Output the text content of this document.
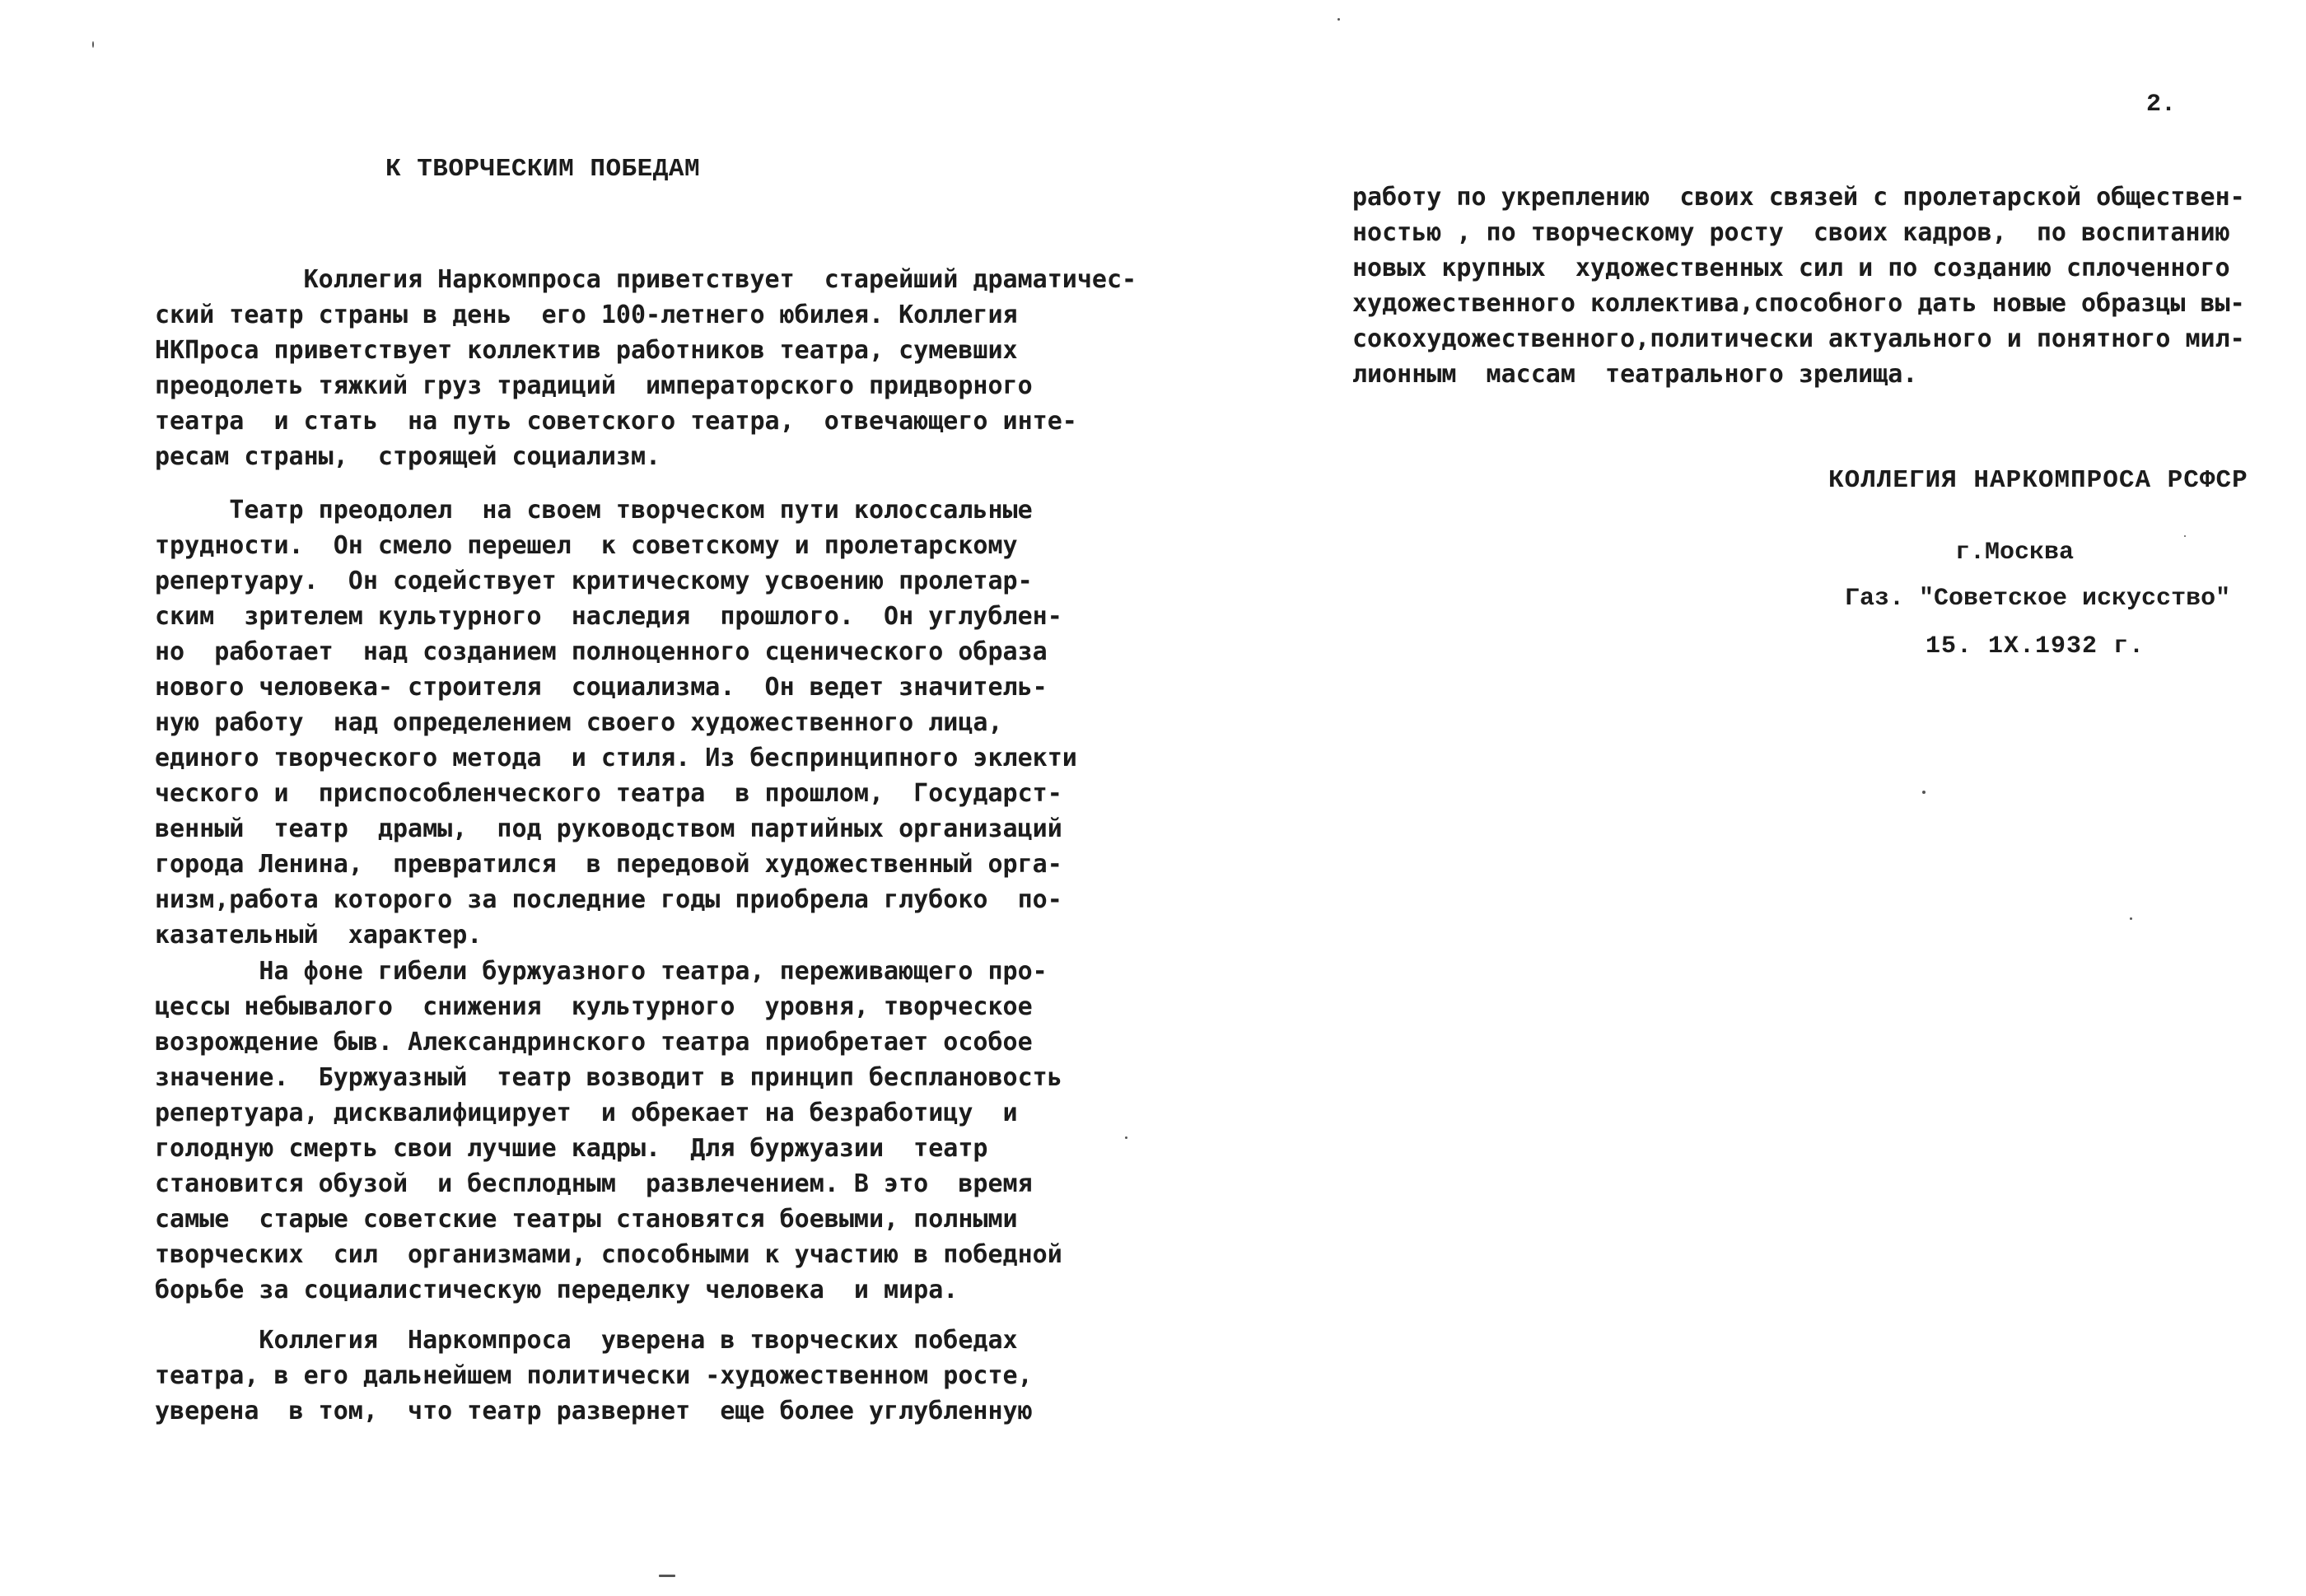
К ТВОРЧЕСКИМ ПОБЕДАМ
Коллегия Наркомпроса приветствует  старейший драматичес-
ский театр страны в день  его 100-летнего юбилея. Коллегия
НКПроса приветствует коллектив работников театра, сумевших
преодолеть тяжкий груз традиций  императорского придворного
театра  и стать  на путь советского театра,  отвечающего инте-
ресам страны,  строящей социализм.
Театр преодолел  на своем творческом пути колоссальные
трудности.  Он смело перешел  к советскому и пролетарскому
репертуару.  Он содействует критическому усвоению пролетар-
ским  зрителем культурного  наследия  прошлого.  Он углублен-
но  работает  над созданием полноценного сценического образа
нового человека- строителя  социализма.  Он ведет значитель-
ную работу  над определением своего художественного лица,
единого творческого метода  и стиля. Из беспринципного эклекти
ческого и  приспособленческого театра  в прошлом,  Государст-
венный  театр  драмы,  под руководством партийных организаций
города Ленина,  превратился  в передовой художественный орга-
низм,работа которого за последние годы приобрела глубоко  по-
казательный  характер.
На фоне гибели буржуазного театра, переживающего про-
цессы небывалого  снижения  культурного  уровня, творческое
возрождение быв. Александринского театра приобретает особое
значение.  Буржуазный  театр возводит в принцип бесплановость
репертуара, дисквалифицирует  и обрекает на безработицу  и
голодную смерть свои лучшие кадры.  Для буржуазии  театр
становится обузой  и бесплодным  развлечением. В это  время
самые  старые советские театры становятся боевыми, полными
творческих  сил  организмами, способными к участию в победной
борьбе за социалистическую переделку человека  и мира.
Коллегия  Наркомпроса  уверена в творческих победах
театра, в его дальнейшем политически -художественном росте,
уверена  в том,  что театр развернет  еще более углубленную
2.
работу по укреплению  своих связей с пролетарской обществен-
ностью , по творческому росту  своих кадров,  по воспитанию
новых крупных  художественных сил и по созданию сплоченного
художественного коллектива,способного дать новые образцы вы-
сокохудожественного,политически актуального и понятного мил-
лионным  массам  театрального зрелища.
КОЛЛЕГИЯ НАРКОМПРОСА РСФСР
г.Москва
Газ. "Советское искусство"
15. 1Х.1932 г.
